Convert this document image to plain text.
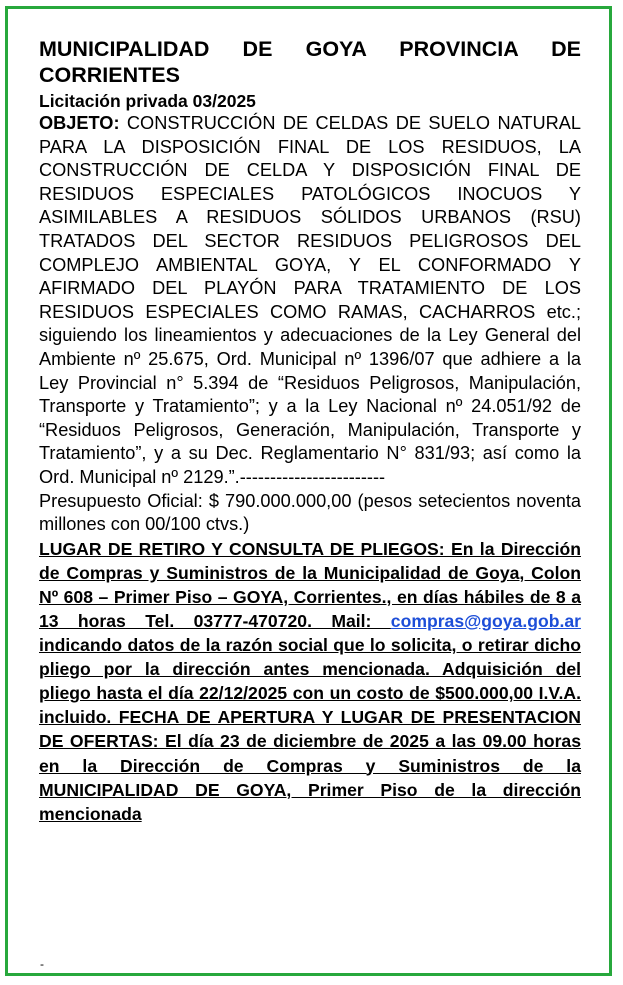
MUNICIPALIDAD DE GOYA PROVINCIA DE CORRIENTES
Licitación privada 03/2025

OBJETO: CONSTRUCCIÓN DE CELDAS DE SUELO NATURAL PARA LA DISPOSICIÓN FINAL DE LOS RESIDUOS, LA CONSTRUCCIÓN DE CELDA Y DISPOSICIÓN FINAL DE RESIDUOS ESPECIALES PATOLÓGICOS INOCUOS Y ASIMILABLES A RESIDUOS SÓLIDOS URBANOS (RSU) TRATADOS DEL SECTOR RESIDUOS PELIGROSOS DEL COMPLEJO AMBIENTAL GOYA, Y EL CONFORMADO Y AFIRMADO DEL PLAYÓN PARA TRATAMIENTO DE LOS RESIDUOS ESPECIALES COMO RAMAS, CACHARROS etc.; siguiendo los lineamientos y adecuaciones de la Ley General del Ambiente nº 25.675, Ord. Municipal nº 1396/07 que adhiere a la Ley Provincial n° 5.394 de “Residuos Peligrosos, Manipulación, Transporte y Tratamiento”; y a la Ley Nacional nº 24.051/92 de “Residuos Peligrosos, Generación, Manipulación, Transporte y Tratamiento”, y a su Dec. Reglamentario N° 831/93; así como la Ord. Municipal nº 2129.”.------------------------

Presupuesto Oficial: $ 790.000.000,00 (pesos setecientos noventa millones con 00/100 ctvs.)

LUGAR DE RETIRO Y CONSULTA DE PLIEGOS: En la Dirección de Compras y Suministros de la Municipalidad de Goya, Colon Nº 608 – Primer Piso – GOYA, Corrientes., en días hábiles de 8 a 13 horas Tel. 03777-470720. Mail: compras@goya.gob.ar indicando datos de la razón social que lo solicita, o retirar dicho pliego por la dirección antes mencionada. Adquisición del pliego hasta el día 22/12/2025 con un costo de $500.000,00 I.V.A. incluido. FECHA DE APERTURA Y LUGAR DE PRESENTACION DE OFERTAS: El día 23 de diciembre de 2025 a las 09.00 horas en la Dirección de Compras y Suministros de la MUNICIPALIDAD DE GOYA, Primer Piso de la dirección mencionada

-
